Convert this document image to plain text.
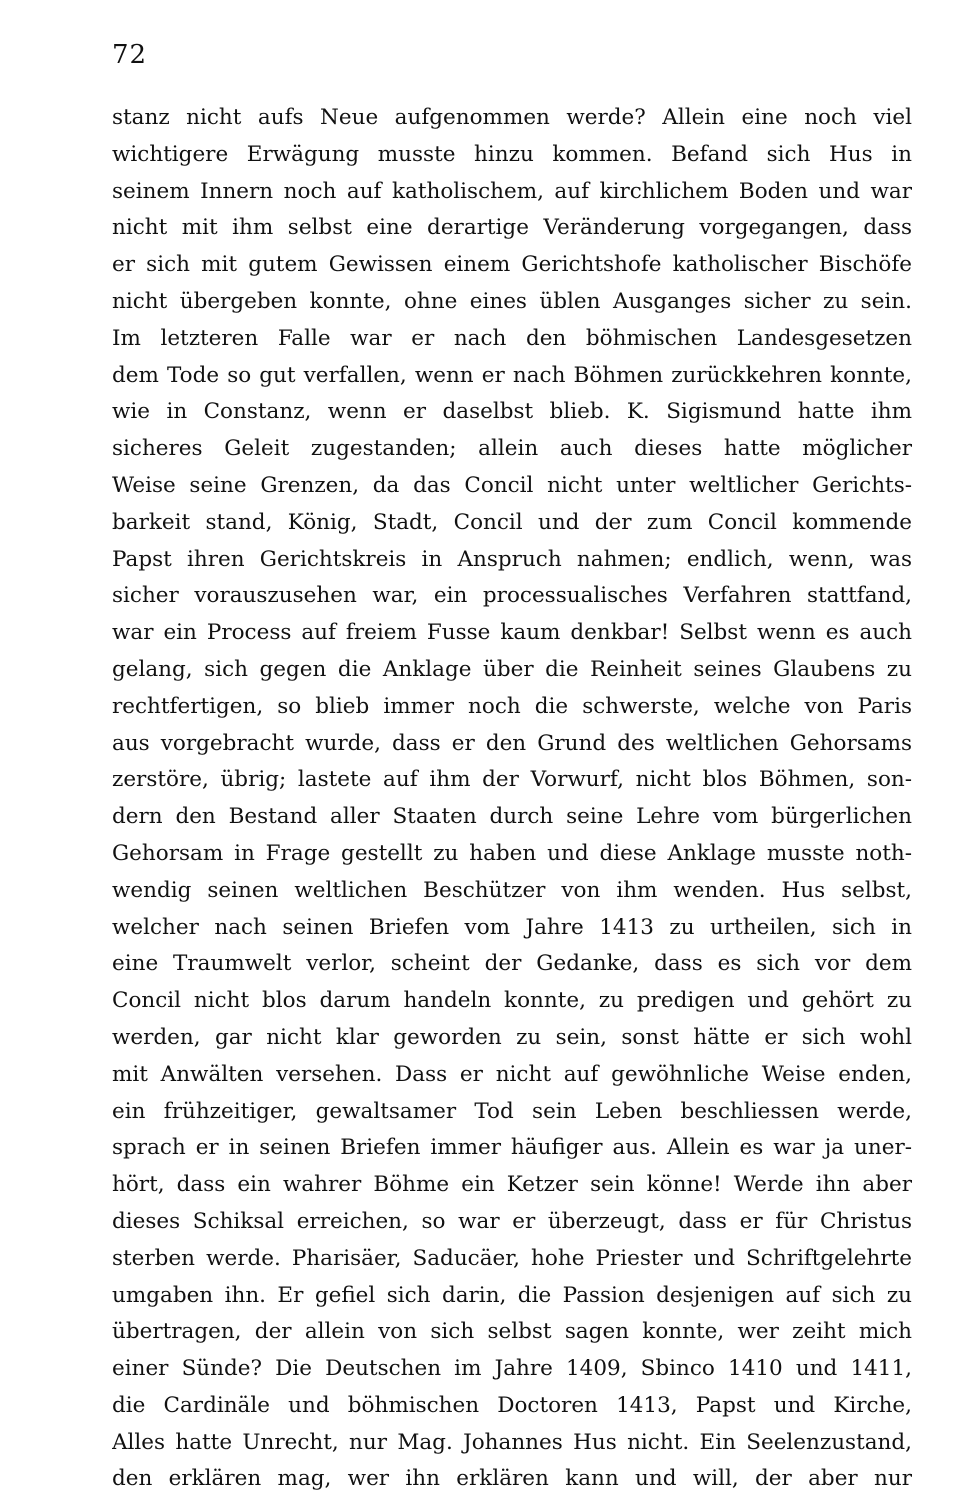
72
stanz nicht aufs Neue aufgenommen werde? Allein eine noch viel
wichtigere Erwägung musste hinzu kommen. Befand sich Hus in
seinem Innern noch auf katholischem, auf kirchlichem Boden und war
nicht mit ihm selbst eine derartige Veränderung vorgegangen, dass
er sich mit gutem Gewissen einem Gerichtshofe katholischer Bischöfe
nicht übergeben konnte, ohne eines üblen Ausganges sicher zu sein.
Im letzteren Falle war er nach den böhmischen Landesgesetzen
dem Tode so gut verfallen, wenn er nach Böhmen zurückkehren konnte,
wie in Constanz, wenn er daselbst blieb. K. Sigismund hatte ihm
sicheres Geleit zugestanden; allein auch dieses hatte möglicher
Weise seine Grenzen, da das Concil nicht unter weltlicher Gerichts-
barkeit stand, König, Stadt, Concil und der zum Concil kommende
Papst ihren Gerichtskreis in Anspruch nahmen; endlich, wenn, was
sicher vorauszusehen war, ein processualisches Verfahren stattfand,
war ein Process auf freiem Fusse kaum denkbar! Selbst wenn es auch
gelang, sich gegen die Anklage über die Reinheit seines Glaubens zu
rechtfertigen, so blieb immer noch die schwerste, welche von Paris
aus vorgebracht wurde, dass er den Grund des weltlichen Gehorsams
zerstöre, übrig; lastete auf ihm der Vorwurf, nicht blos Böhmen, son-
dern den Bestand aller Staaten durch seine Lehre vom bürgerlichen
Gehorsam in Frage gestellt zu haben und diese Anklage musste noth-
wendig seinen weltlichen Beschützer von ihm wenden. Hus selbst,
welcher nach seinen Briefen vom Jahre 1413 zu urtheilen, sich in
eine Traumwelt verlor, scheint der Gedanke, dass es sich vor dem
Concil nicht blos darum handeln konnte, zu predigen und gehört zu
werden, gar nicht klar geworden zu sein, sonst hätte er sich wohl
mit Anwälten versehen. Dass er nicht auf gewöhnliche Weise enden,
ein frühzeitiger, gewaltsamer Tod sein Leben beschliessen werde,
sprach er in seinen Briefen immer häufiger aus. Allein es war ja uner-
hört, dass ein wahrer Böhme ein Ketzer sein könne! Werde ihn aber
dieses Schiksal erreichen, so war er überzeugt, dass er für Christus
sterben werde. Pharisäer, Saducäer, hohe Priester und Schriftgelehrte
umgaben ihn. Er gefiel sich darin, die Passion desjenigen auf sich zu
übertragen, der allein von sich selbst sagen konnte, wer zeiht mich
einer Sünde? Die Deutschen im Jahre 1409, Sbinco 1410 und 1411,
die Cardinäle und böhmischen Doctoren 1413, Papst und Kirche,
Alles hatte Unrecht, nur Mag. Johannes Hus nicht. Ein Seelenzustand,
den erklären mag, wer ihn erklären kann und will, der aber nur
